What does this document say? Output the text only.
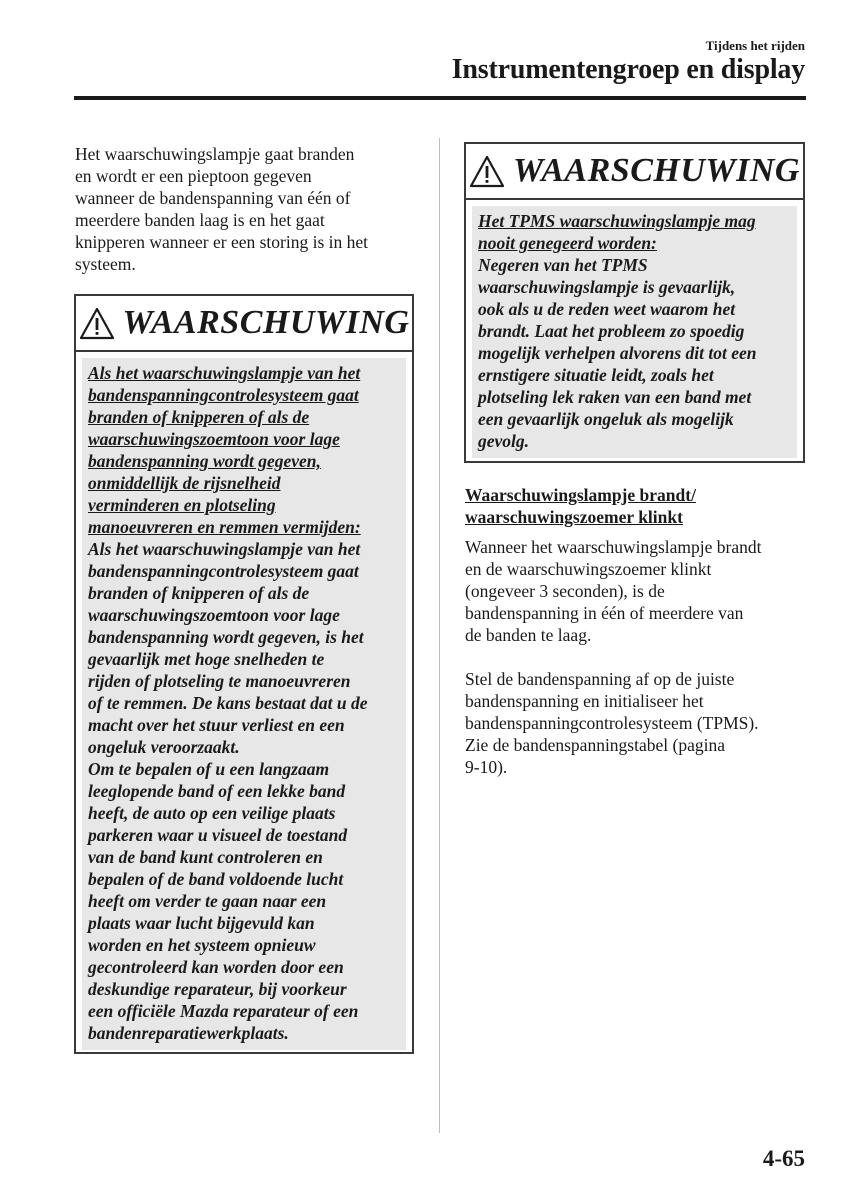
Tijdens het rijden
Instrumentengroep en display

Het waarschuwingslampje gaat branden

en wordt er een pieptoon gegeven

wanneer de bandenspanning van één of

meerdere banden laag is en het gaat

knipperen wanneer er een storing is in het

systeem.

WAARSCHUWING
Als het waarschuwingslampje van het
bandenspanningcontrolesysteem gaat
branden of knipperen of als de
waarschuwingszoemtoon voor lage
bandenspanning wordt gegeven,
onmiddellijk de rijsnelheid
verminderen en plotseling
manoeuvreren en remmen vermijden:
Als het waarschuwingslampje van het
bandenspanningcontrolesysteem gaat
branden of knipperen of als de
waarschuwingszoemtoon voor lage
bandenspanning wordt gegeven, is het
gevaarlijk met hoge snelheden te
rijden of plotseling te manoeuvreren
of te remmen. De kans bestaat dat u de
macht over het stuur verliest en een
ongeluk veroorzaakt.
Om te bepalen of u een langzaam
leeglopende band of een lekke band
heeft, de auto op een veilige plaats
parkeren waar u visueel de toestand
van de band kunt controleren en
bepalen of de band voldoende lucht
heeft om verder te gaan naar een
plaats waar lucht bijgevuld kan
worden en het systeem opnieuw
gecontroleerd kan worden door een
deskundige reparateur, bij voorkeur
een officiële Mazda reparateur of een
bandenreparatiewerkplaats.
WAARSCHUWING
Het TPMS waarschuwingslampje mag
nooit genegeerd worden:
Negeren van het TPMS
waarschuwingslampje is gevaarlijk,
ook als u de reden weet waarom het
brandt. Laat het probleem zo spoedig
mogelijk verhelpen alvorens dit tot een
ernstigere situatie leidt, zoals het
plotseling lek raken van een band met
een gevaarlijk ongeluk als mogelijk
gevolg.
Waarschuwingslampje brandt/
waarschuwingszoemer klinkt

Wanneer het waarschuwingslampje brandt

en de waarschuwingszoemer klinkt

(ongeveer 3 seconden), is de

bandenspanning in één of meerdere van

de banden te laag.

Stel de bandenspanning af op de juiste

bandenspanning en initialiseer het

bandenspanningcontrolesysteem (TPMS).

Zie de bandenspanningstabel (pagina

9-10).

4-65
